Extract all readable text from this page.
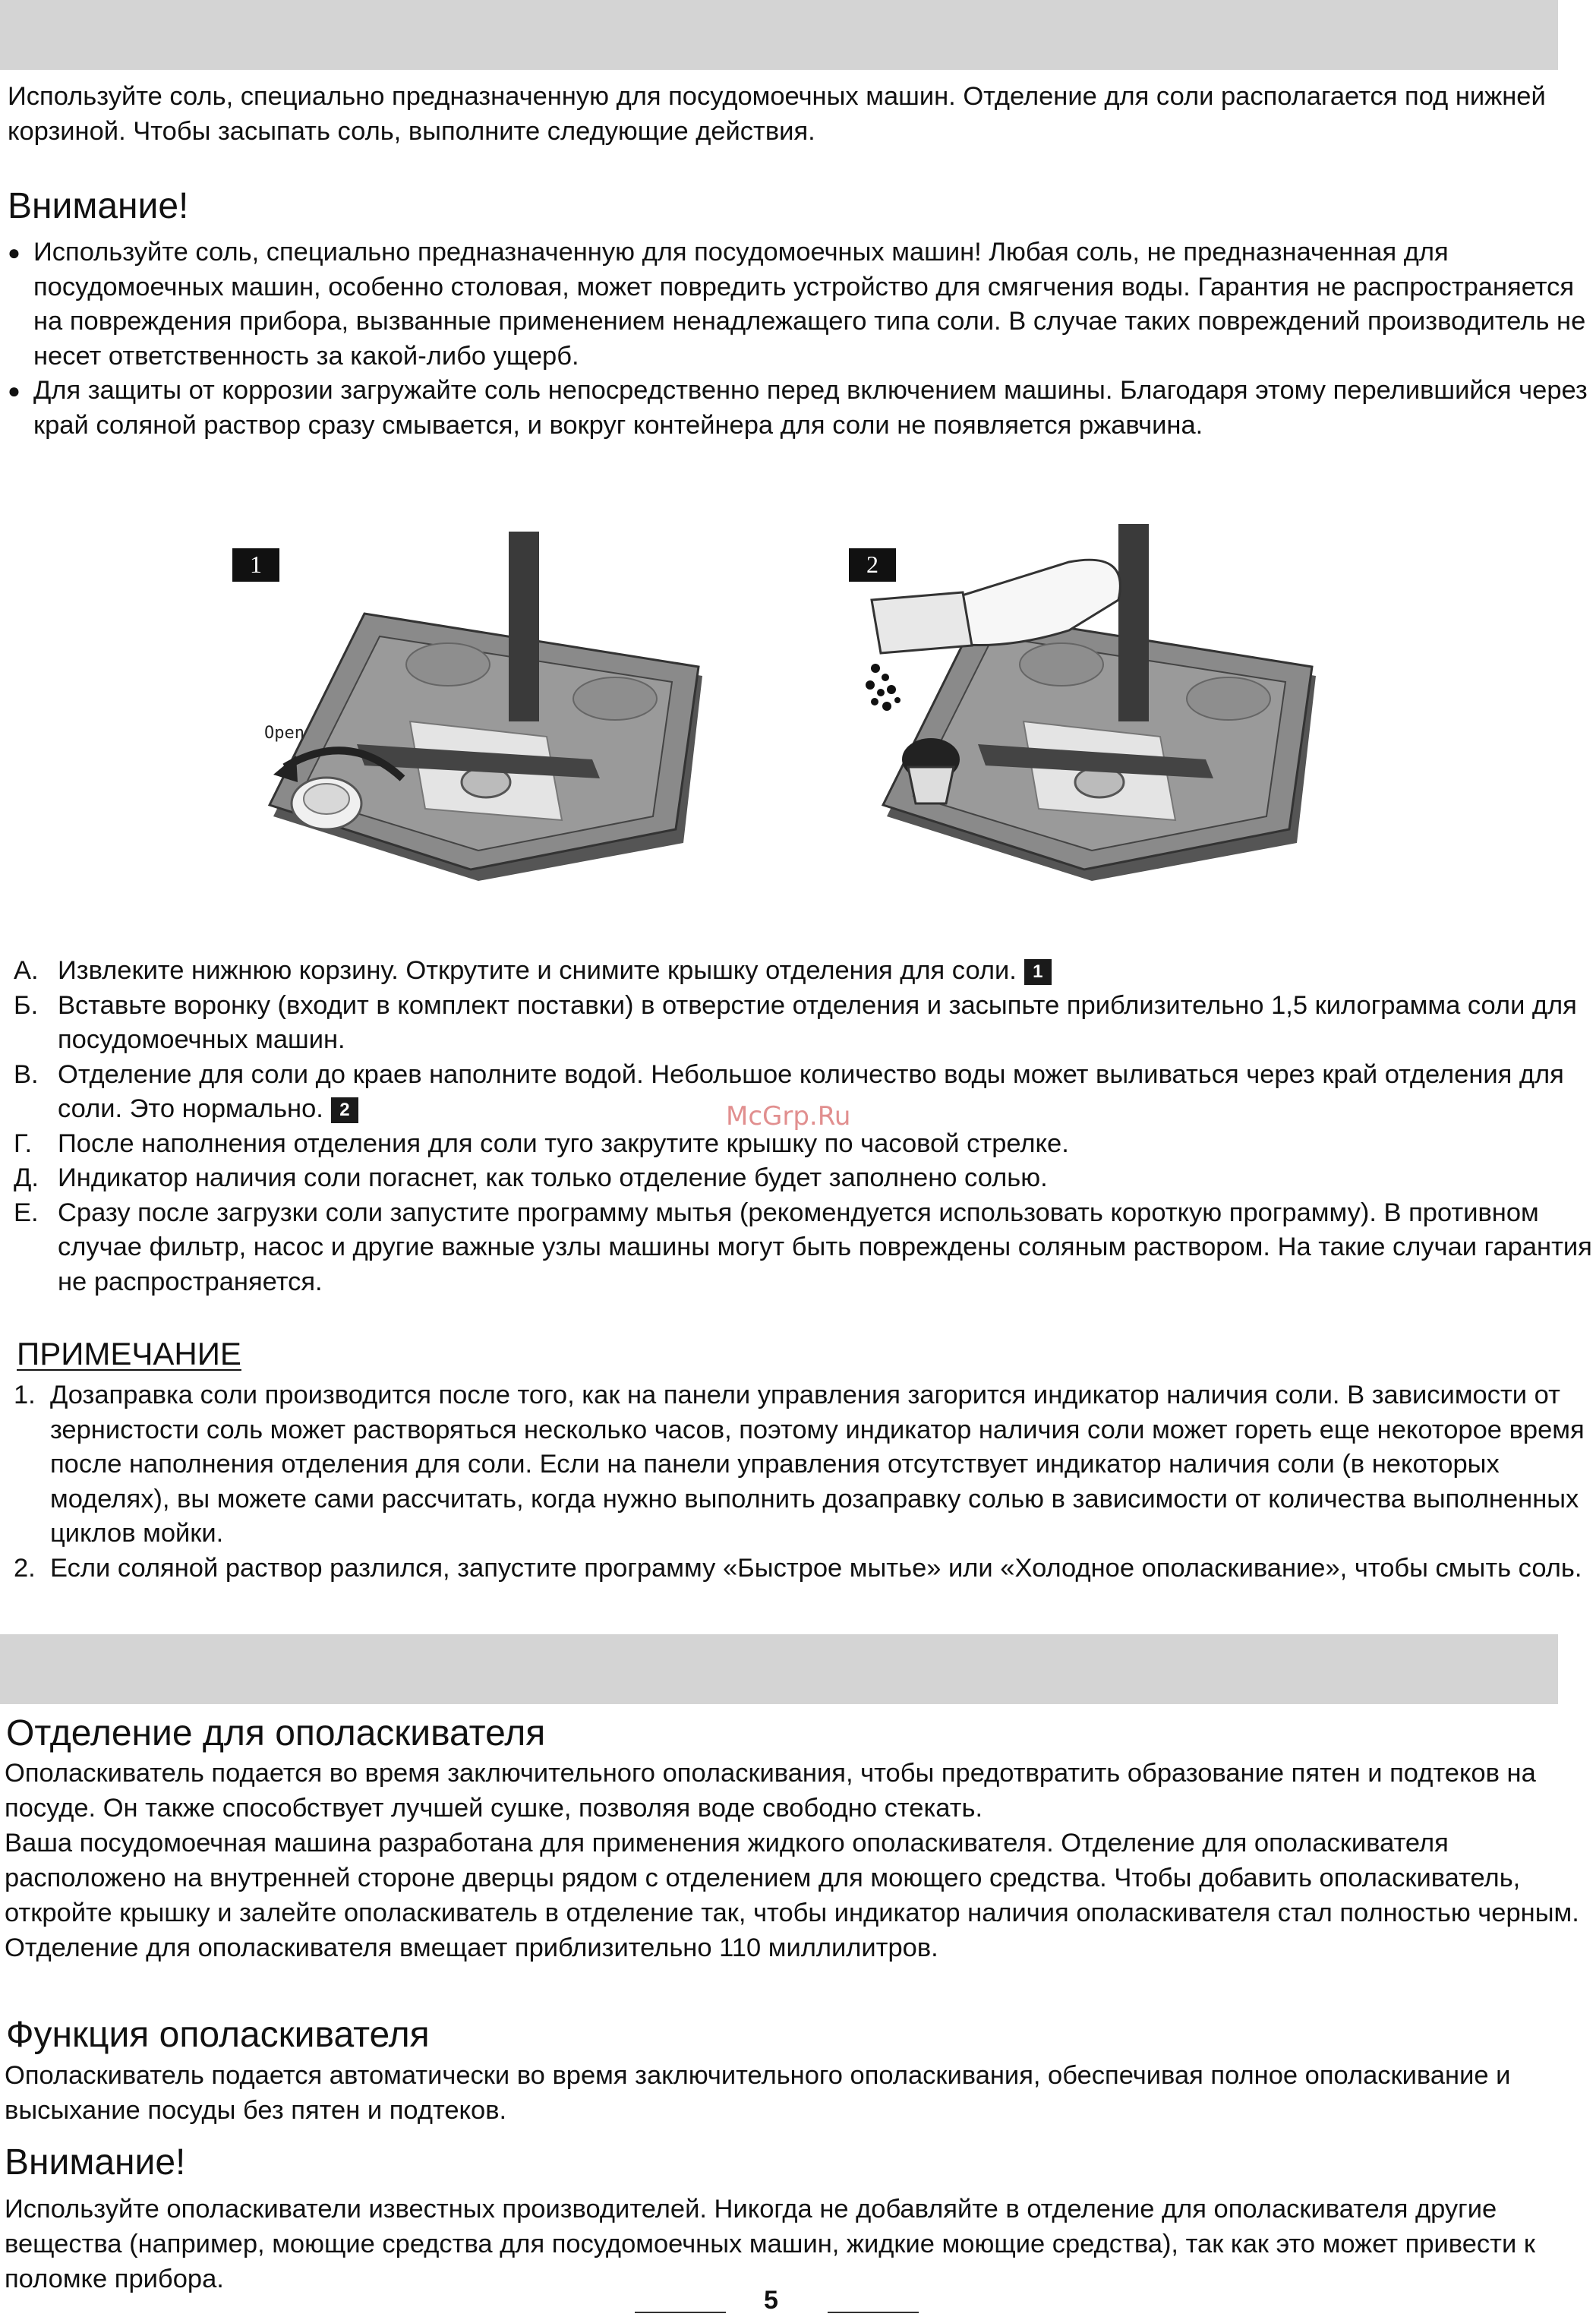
Используйте соль, специально предназначенную для посудомоечных машин. Отделение для соли располагается под нижней корзиной. Чтобы засыпать соль, выполните следующие действия.

Внимание!
● Используйте соль, специально предназначенную для посудомоечных машин! Любая соль, не предназначенная для посудомоечных машин, особенно столовая, может повредить устройство для смягчения воды. Гарантия не распространяется на повреждения прибора, вызванные применением ненадлежащего типа соли. В случае таких повреждений производитель не несет ответственность за какой-либо ущерб.
● Для защиты от коррозии загружайте соль непосредственно перед включением машины. Благодаря этому перелившийся через край соляной раствор сразу смывается, и вокруг контейнера для соли не появляется ржавчина.
1
Open
2
А. Извлеките нижнюю корзину. Открутите и снимите крышку отделения для соли. 1
Б. Вставьте воронку (входит в комплект поставки) в отверстие отделения и засыпьте приблизительно 1,5 килограмма соли для посудомоечных машин.
В. Отделение для соли до краев наполните водой. Небольшое количество воды может выливаться через край отделения для соли. Это нормально. 2
Г. После наполнения отделения для соли туго закрутите крышку по часовой стрелке.
Д. Индикатор наличия соли погаснет, как только отделение будет заполнено солью.
Е. Сразу после загрузки соли запустите программу мытья (рекомендуется использовать короткую программу). В противном случае фильтр, насос и другие важные узлы машины могут быть повреждены соляным раствором. На такие случаи гарантия не распространяется.
McGrp.Ru
ПРИМЕЧАНИЕ
1. Дозаправка соли производится после того, как на панели управления загорится индикатор наличия соли. В зависимости от зернистости соль может растворяться несколько часов, поэтому индикатор наличия соли может гореть еще некоторое время после наполнения отделения для соли. Если на панели управления отсутствует индикатор наличия соли (в некоторых моделях), вы можете сами рассчитать, когда нужно выполнить дозаправку солью в зависимости от количества выполненных циклов мойки.
2. Если соляной раствор разлился, запустите программу «Быстрое мытье» или «Холодное ополаскивание», чтобы смыть соль.
Отделение для ополаскивателя

Ополаскиватель подается во время заключительного ополаскивания, чтобы предотвратить образование пятен и подтеков на посуде. Он также способствует лучшей сушке, позволяя воде свободно стекать.

Ваша посудомоечная машина разработана для применения жидкого ополаскивателя. Отделение для ополаскивателя расположено на внутренней стороне дверцы рядом с отделением для моющего средства. Чтобы добавить ополаскиватель, откройте крышку и залейте ополаскиватель в отделение так, чтобы индикатор наличия ополаскивателя стал полностью черным. Отделение для ополаскивателя вмещает приблизительно 110 миллилитров.

Функция ополаскивателя

Ополаскиватель подается автоматически во время заключительного ополаскивания, обеспечивая полное ополаскивание и высыхание посуды без пятен и подтеков.

Внимание!

Используйте ополаскиватели известных производителей. Никогда не добавляйте в отделение для ополаскивателя другие вещества (например, моющие средства для посудомоечных машин, жидкие моющие средства), так как это может привести к поломке прибора.

5
